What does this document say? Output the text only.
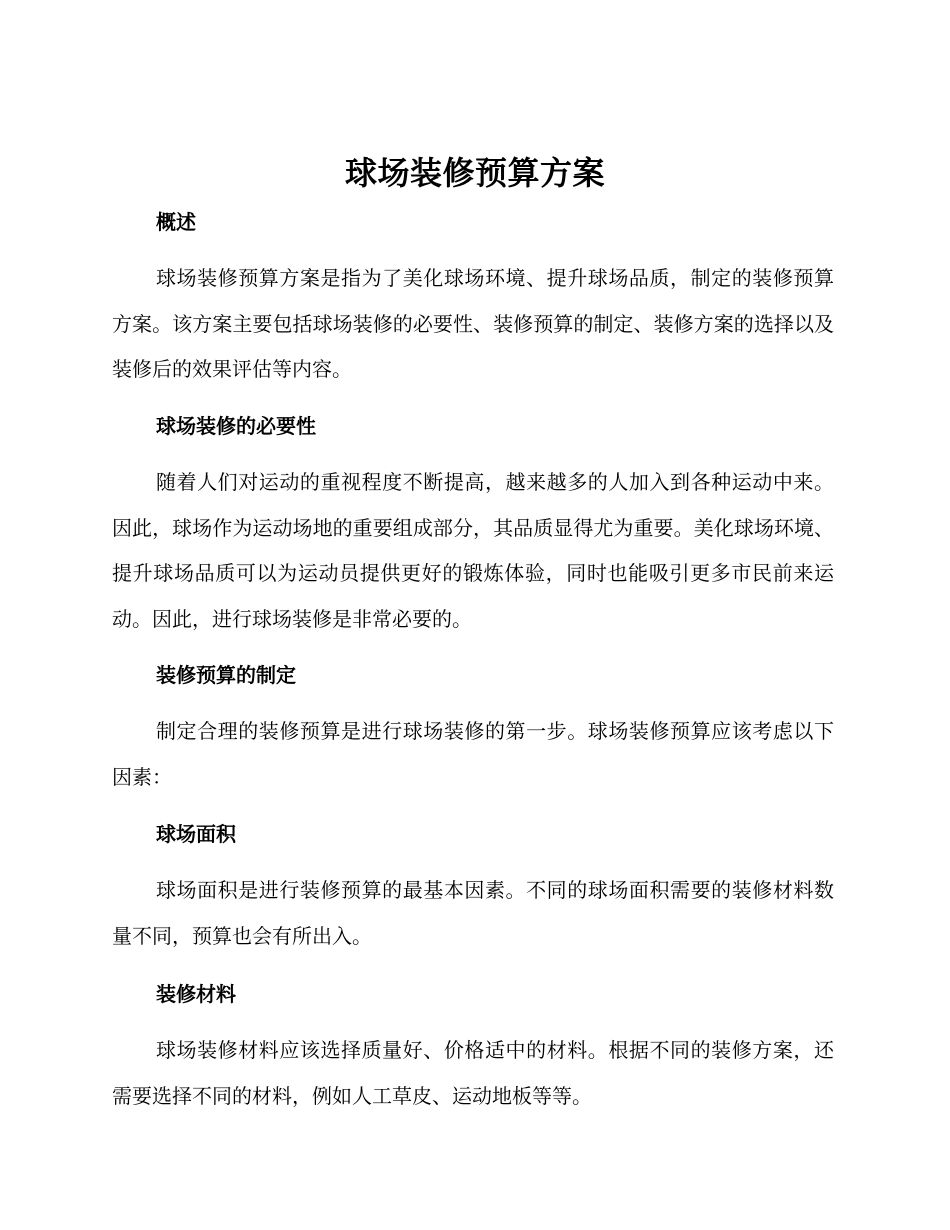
球场装修预算方案
概述

球场装修预算方案是指为了美化球场环境、提升球场品质，制定的装修预算方案。该方案主要包括球场装修的必要性、装修预算的制定、装修方案的选择以及装修后的效果评估等内容。

球场装修的必要性

随着人们对运动的重视程度不断提高，越来越多的人加入到各种运动中来。因此，球场作为运动场地的重要组成部分，其品质显得尤为重要。美化球场环境、提升球场品质可以为运动员提供更好的锻炼体验，同时也能吸引更多市民前来运动。因此，进行球场装修是非常必要的。

装修预算的制定

制定合理的装修预算是进行球场装修的第一步。球场装修预算应该考虑以下因素：

球场面积

球场面积是进行装修预算的最基本因素。不同的球场面积需要的装修材料数量不同，预算也会有所出入。

装修材料

球场装修材料应该选择质量好、价格适中的材料。根据不同的装修方案，还需要选择不同的材料，例如人工草皮、运动地板等等。
